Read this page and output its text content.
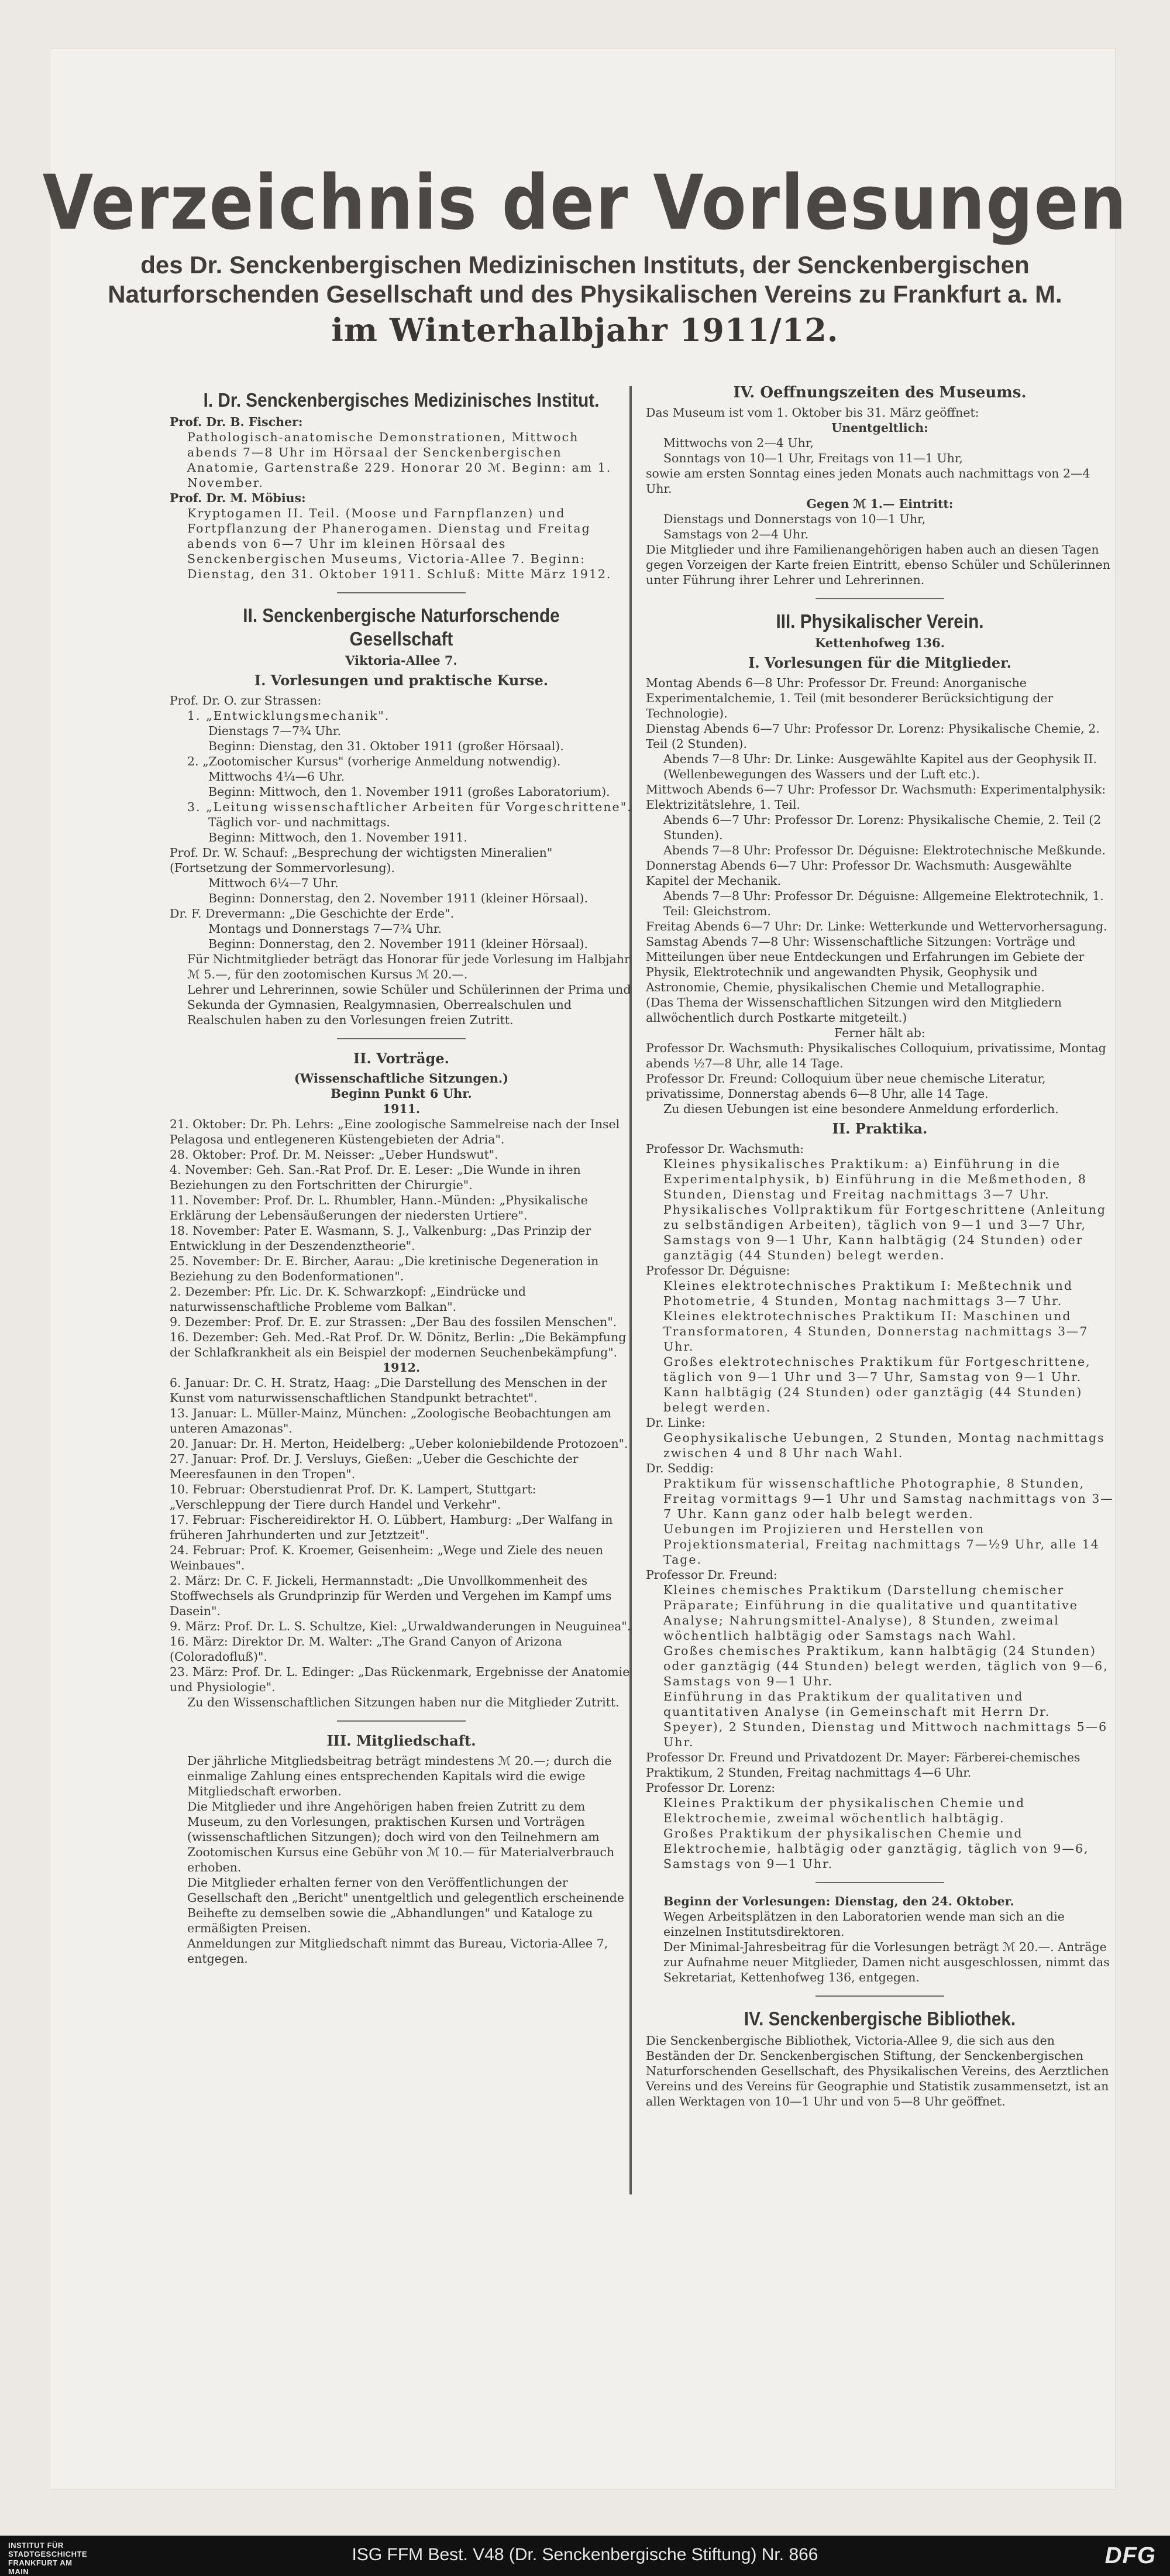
Verzeichnis der Vorlesungen
des Dr. Senckenbergischen Medizinischen Instituts, der Senckenbergischen Naturforschenden Gesellschaft und des Physikalischen Vereins zu Frankfurt a. M.
im Winterhalbjahr 1911/12.
I. Dr. Senckenbergisches Medizinisches Institut.

Prof. Dr. B. Fischer:

Pathologisch-anatomische Demonstrationen, Mittwoch abends 7—8 Uhr im Hörsaal der Senckenbergischen Anatomie, Gartenstraße 229. Honorar 20 ℳ. Beginn: am 1. November.

Prof. Dr. M. Möbius:

Kryptogamen II. Teil. (Moose und Farnpflanzen) und Fortpflanzung der Phanerogamen. Dienstag und Freitag abends von 6—7 Uhr im kleinen Hörsaal des Senckenbergischen Museums, Victoria-Allee 7. Beginn: Dienstag, den 31. Oktober 1911. Schluß: Mitte März 1912.

II. Senckenbergische Naturforschende Gesellschaft
Viktoria-Allee 7.
I. Vorlesungen und praktische Kurse.

Prof. Dr. O. zur Strassen:

1. „Entwicklungsmechanik".

Dienstags 7—7¾ Uhr.

Beginn: Dienstag, den 31. Oktober 1911 (großer Hörsaal).

2. „Zootomischer Kursus" (vorherige Anmeldung notwendig).

Mittwochs 4¼—6 Uhr.

Beginn: Mittwoch, den 1. November 1911 (großes Laboratorium).

3. „Leitung wissenschaftlicher Arbeiten für Vorgeschrittene".

Täglich vor- und nachmittags.

Beginn: Mittwoch, den 1. November 1911.

Prof. Dr. W. Schauf: „Besprechung der wichtigsten Mineralien" (Fortsetzung der Sommervorlesung).

Mittwoch 6¼—7 Uhr.

Beginn: Donnerstag, den 2. November 1911 (kleiner Hörsaal).

Dr. F. Drevermann: „Die Geschichte der Erde".

Montags und Donnerstags 7—7¾ Uhr.

Beginn: Donnerstag, den 2. November 1911 (kleiner Hörsaal).

Für Nichtmitglieder beträgt das Honorar für jede Vorlesung im Halbjahr ℳ 5.—, für den zootomischen Kursus ℳ 20.—.

Lehrer und Lehrerinnen, sowie Schüler und Schülerinnen der Prima und Sekunda der Gymnasien, Realgymnasien, Oberrealschulen und Realschulen haben zu den Vorlesungen freien Zutritt.

II. Vorträge.
(Wissenschaftliche Sitzungen.)
Beginn Punkt 6 Uhr.
1911.

21. Oktober: Dr. Ph. Lehrs: „Eine zoologische Sammelreise nach der Insel Pelagosa und entlegeneren Küstengebieten der Adria".

28. Oktober: Prof. Dr. M. Neisser: „Ueber Hundswut".

4. November: Geh. San.-Rat Prof. Dr. E. Leser: „Die Wunde in ihren Beziehungen zu den Fortschritten der Chirurgie".

11. November: Prof. Dr. L. Rhumbler, Hann.-Münden: „Physikalische Erklärung der Lebensäußerungen der niedersten Urtiere".

18. November: Pater E. Wasmann, S. J., Valkenburg: „Das Prinzip der Entwicklung in der Deszendenztheorie".

25. November: Dr. E. Bircher, Aarau: „Die kretinische Degeneration in Beziehung zu den Bodenformationen".

2. Dezember: Pfr. Lic. Dr. K. Schwarzkopf: „Eindrücke und naturwissenschaftliche Probleme vom Balkan".

9. Dezember: Prof. Dr. E. zur Strassen: „Der Bau des fossilen Menschen".

16. Dezember: Geh. Med.-Rat Prof. Dr. W. Dönitz, Berlin: „Die Bekämpfung der Schlafkrankheit als ein Beispiel der modernen Seuchenbekämpfung".

1912.

6. Januar: Dr. C. H. Stratz, Haag: „Die Darstellung des Menschen in der Kunst vom naturwissenschaftlichen Standpunkt betrachtet".

13. Januar: L. Müller-Mainz, München: „Zoologische Beobachtungen am unteren Amazonas".

20. Januar: Dr. H. Merton, Heidelberg: „Ueber koloniebildende Protozoen".

27. Januar: Prof. Dr. J. Versluys, Gießen: „Ueber die Geschichte der Meeresfaunen in den Tropen".

10. Februar: Oberstudienrat Prof. Dr. K. Lampert, Stuttgart: „Verschleppung der Tiere durch Handel und Verkehr".

17. Februar: Fischereidirektor H. O. Lübbert, Hamburg: „Der Walfang in früheren Jahrhunderten und zur Jetztzeit".

24. Februar: Prof. K. Kroemer, Geisenheim: „Wege und Ziele des neuen Weinbaues".

2. März: Dr. C. F. Jickeli, Hermannstadt: „Die Unvollkommenheit des Stoffwechsels als Grundprinzip für Werden und Vergehen im Kampf ums Dasein".

9. März: Prof. Dr. L. S. Schultze, Kiel: „Urwaldwanderungen in Neuguinea".

16. März: Direktor Dr. M. Walter: „The Grand Canyon of Arizona (Coloradofluß)".

23. März: Prof. Dr. L. Edinger: „Das Rückenmark, Ergebnisse der Anatomie und Physiologie".

Zu den Wissenschaftlichen Sitzungen haben nur die Mitglieder Zutritt.

III. Mitgliedschaft.

Der jährliche Mitgliedsbeitrag beträgt mindestens ℳ 20.—; durch die einmalige Zahlung eines entsprechenden Kapitals wird die ewige Mitgliedschaft erworben.

Die Mitglieder und ihre Angehörigen haben freien Zutritt zu dem Museum, zu den Vorlesungen, praktischen Kursen und Vorträgen (wissenschaftlichen Sitzungen); doch wird von den Teilnehmern am Zootomischen Kursus eine Gebühr von ℳ 10.— für Materialverbrauch erhoben.

Die Mitglieder erhalten ferner von den Veröffentlichungen der Gesellschaft den „Bericht" unentgeltlich und gelegentlich erscheinende Beihefte zu demselben sowie die „Abhandlungen" und Kataloge zu ermäßigten Preisen.

Anmeldungen zur Mitgliedschaft nimmt das Bureau, Victoria-Allee 7, entgegen.

IV. Oeffnungszeiten des Museums.

Das Museum ist vom 1. Oktober bis 31. März geöffnet:

Unentgeltlich:

Mittwochs von 2—4 Uhr,

Sonntags von 10—1 Uhr, Freitags von 11—1 Uhr,

sowie am ersten Sonntag eines jeden Monats auch nachmittags von 2—4 Uhr.

Gegen ℳ 1.— Eintritt:

Dienstags und Donnerstags von 10—1 Uhr,

Samstags von 2—4 Uhr.

Die Mitglieder und ihre Familienangehörigen haben auch an diesen Tagen gegen Vorzeigen der Karte freien Eintritt, ebenso Schüler und Schülerinnen unter Führung ihrer Lehrer und Lehrerinnen.

III. Physikalischer Verein.
Kettenhofweg 136.
I. Vorlesungen für die Mitglieder.

Montag Abends 6—8 Uhr: Professor Dr. Freund: Anorganische Experimentalchemie, 1. Teil (mit besonderer Berücksichtigung der Technologie).

Dienstag Abends 6—7 Uhr: Professor Dr. Lorenz: Physikalische Chemie, 2. Teil (2 Stunden).

Abends 7—8 Uhr: Dr. Linke: Ausgewählte Kapitel aus der Geophysik II. (Wellenbewegungen des Wassers und der Luft etc.).

Mittwoch Abends 6—7 Uhr: Professor Dr. Wachsmuth: Experimentalphysik: Elektrizitätslehre, 1. Teil.

Abends 6—7 Uhr: Professor Dr. Lorenz: Physikalische Chemie, 2. Teil (2 Stunden).

Abends 7—8 Uhr: Professor Dr. Déguisne: Elektrotechnische Meßkunde.

Donnerstag Abends 6—7 Uhr: Professor Dr. Wachsmuth: Ausgewählte Kapitel der Mechanik.

Abends 7—8 Uhr: Professor Dr. Déguisne: Allgemeine Elektrotechnik, 1. Teil: Gleichstrom.

Freitag Abends 6—7 Uhr: Dr. Linke: Wetterkunde und Wettervorhersagung.

Samstag Abends 7—8 Uhr: Wissenschaftliche Sitzungen: Vorträge und Mitteilungen über neue Entdeckungen und Erfahrungen im Gebiete der Physik, Elektrotechnik und angewandten Physik, Geophysik und Astronomie, Chemie, physikalischen Chemie und Metallographie.

(Das Thema der Wissenschaftlichen Sitzungen wird den Mitgliedern allwöchentlich durch Postkarte mitgeteilt.)

Ferner hält ab:

Professor Dr. Wachsmuth: Physikalisches Colloquium, privatissime, Montag abends ½7—8 Uhr, alle 14 Tage.

Professor Dr. Freund: Colloquium über neue chemische Literatur, privatissime, Donnerstag abends 6—8 Uhr, alle 14 Tage.

Zu diesen Uebungen ist eine besondere Anmeldung erforderlich.

II. Praktika.

Professor Dr. Wachsmuth:

Kleines physikalisches Praktikum: a) Einführung in die Experimentalphysik, b) Einführung in die Meßmethoden, 8 Stunden, Dienstag und Freitag nachmittags 3—7 Uhr.

Physikalisches Vollpraktikum für Fortgeschrittene (Anleitung zu selbständigen Arbeiten), täglich von 9—1 und 3—7 Uhr, Samstags von 9—1 Uhr, Kann halbtägig (24 Stunden) oder ganztägig (44 Stunden) belegt werden.

Professor Dr. Déguisne:

Kleines elektrotechnisches Praktikum I: Meßtechnik und Photometrie, 4 Stunden, Montag nachmittags 3—7 Uhr.

Kleines elektrotechnisches Praktikum II: Maschinen und Transformatoren, 4 Stunden, Donnerstag nachmittags 3—7 Uhr.

Großes elektrotechnisches Praktikum für Fortgeschrittene, täglich von 9—1 Uhr und 3—7 Uhr, Samstag von 9—1 Uhr. Kann halbtägig (24 Stunden) oder ganztägig (44 Stunden) belegt werden.

Dr. Linke:

Geophysikalische Uebungen, 2 Stunden, Montag nachmittags zwischen 4 und 8 Uhr nach Wahl.

Dr. Seddig:

Praktikum für wissenschaftliche Photographie, 8 Stunden, Freitag vormittags 9—1 Uhr und Samstag nachmittags von 3—7 Uhr. Kann ganz oder halb belegt werden.

Uebungen im Projizieren und Herstellen von Projektionsmaterial, Freitag nachmittags 7—½9 Uhr, alle 14 Tage.

Professor Dr. Freund:

Kleines chemisches Praktikum (Darstellung chemischer Präparate; Einführung in die qualitative und quantitative Analyse; Nahrungsmittel-Analyse), 8 Stunden, zweimal wöchentlich halbtägig oder Samstags nach Wahl.

Großes chemisches Praktikum, kann halbtägig (24 Stunden) oder ganztägig (44 Stunden) belegt werden, täglich von 9—6, Samstags von 9—1 Uhr.

Einführung in das Praktikum der qualitativen und quantitativen Analyse (in Gemeinschaft mit Herrn Dr. Speyer), 2 Stunden, Dienstag und Mittwoch nachmittags 5—6 Uhr.

Professor Dr. Freund und Privatdozent Dr. Mayer: Färberei-chemisches Praktikum, 2 Stunden, Freitag nachmittags 4—6 Uhr.

Professor Dr. Lorenz:

Kleines Praktikum der physikalischen Chemie und Elektrochemie, zweimal wöchentlich halbtägig.

Großes Praktikum der physikalischen Chemie und Elektrochemie, halbtägig oder ganztägig, täglich von 9—6, Samstags von 9—1 Uhr.

Beginn der Vorlesungen: Dienstag, den 24. Oktober.

Wegen Arbeitsplätzen in den Laboratorien wende man sich an die einzelnen Institutsdirektoren.

Der Minimal-Jahresbeitrag für die Vorlesungen beträgt ℳ 20.—. Anträge zur Aufnahme neuer Mitglieder, Damen nicht ausgeschlossen, nimmt das Sekretariat, Kettenhofweg 136, entgegen.

IV. Senckenbergische Bibliothek.

Die Senckenbergische Bibliothek, Victoria-Allee 9, die sich aus den Beständen der Dr. Senckenbergischen Stiftung, der Senckenbergischen Naturforschenden Gesellschaft, des Physikalischen Vereins, des Aerztlichen Vereins und des Vereins für Geographie und Statistik zusammensetzt, ist an allen Werktagen von 10—1 Uhr und von 5—8 Uhr geöffnet.

INSTITUT FÜR STADTGESCHICHTE FRANKFURT AM MAIN
ISG FFM Best. V48 (Dr. Senckenbergische Stiftung) Nr. 866	DFG
